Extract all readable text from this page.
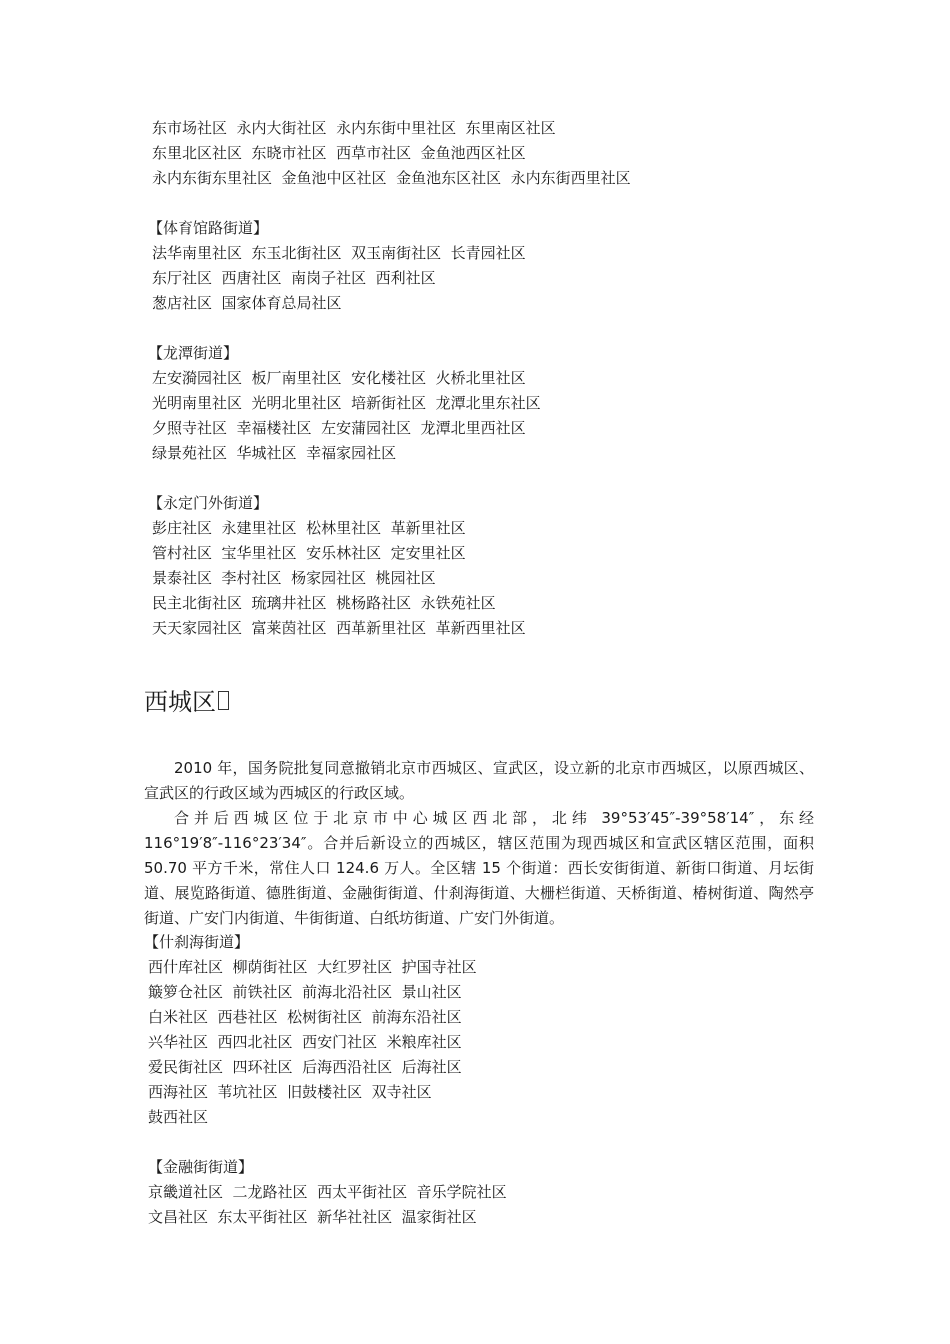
东市场社区  永内大街社区  永内东街中里社区  东里南区社区
东里北区社区  东晓市社区  西草市社区  金鱼池西区社区
永内东街东里社区  金鱼池中区社区  金鱼池东区社区  永内东街西里社区
【体育馆路街道】
法华南里社区  东玉北街社区  双玉南街社区  长青园社区
东厅社区  西唐社区  南岗子社区  西利社区
葱店社区  国家体育总局社区
【龙潭街道】
左安漪园社区  板厂南里社区  安化楼社区  火桥北里社区
光明南里社区  光明北里社区  培新街社区  龙潭北里东社区
夕照寺社区  幸福楼社区  左安蒲园社区  龙潭北里西社区
绿景苑社区  华城社区  幸福家园社区
【永定门外街道】
彭庄社区  永建里社区  松林里社区  革新里社区
管村社区  宝华里社区  安乐林社区  定安里社区
景泰社区  李村社区  杨家园社区  桃园社区
民主北街社区  琉璃井社区  桃杨路社区  永铁苑社区
天天家园社区  富莱茵社区  西革新里社区  革新西里社区
西城区
2010 年，国务院批复同意撤销北京市西城区、宣武区，设立新的北京市西城区，以原西城区、宣武区的行政区域为西城区的行政区域。
合并后西城区位于北京市中心城区西北部，北纬 39°53′45″-39°58′14″，东经 116°19′8″-116°23′34″。合并后新设立的西城区，辖区范围为现西城区和宣武区辖区范围，面积 50.70 平方千米，常住人口 124.6 万人。全区辖 15 个街道：西长安街街道、新街口街道、月坛街道、展览路街道、德胜街道、金融街街道、什刹海街道、大栅栏街道、天桥街道、椿树街道、陶然亭街道、广安门内街道、牛街街道、白纸坊街道、广安门外街道。
【什刹海街道】
西什库社区  柳荫街社区  大红罗社区  护国寺社区
簸箩仓社区  前铁社区  前海北沿社区  景山社区
白米社区  西巷社区  松树街社区  前海东沿社区
兴华社区  西四北社区  西安门社区  米粮库社区
爱民街社区  四环社区  后海西沿社区  后海社区
西海社区  苇坑社区  旧鼓楼社区  双寺社区
鼓西社区
【金融街街道】
京畿道社区  二龙路社区  西太平街社区  音乐学院社区
文昌社区  东太平街社区  新华社社区  温家街社区
